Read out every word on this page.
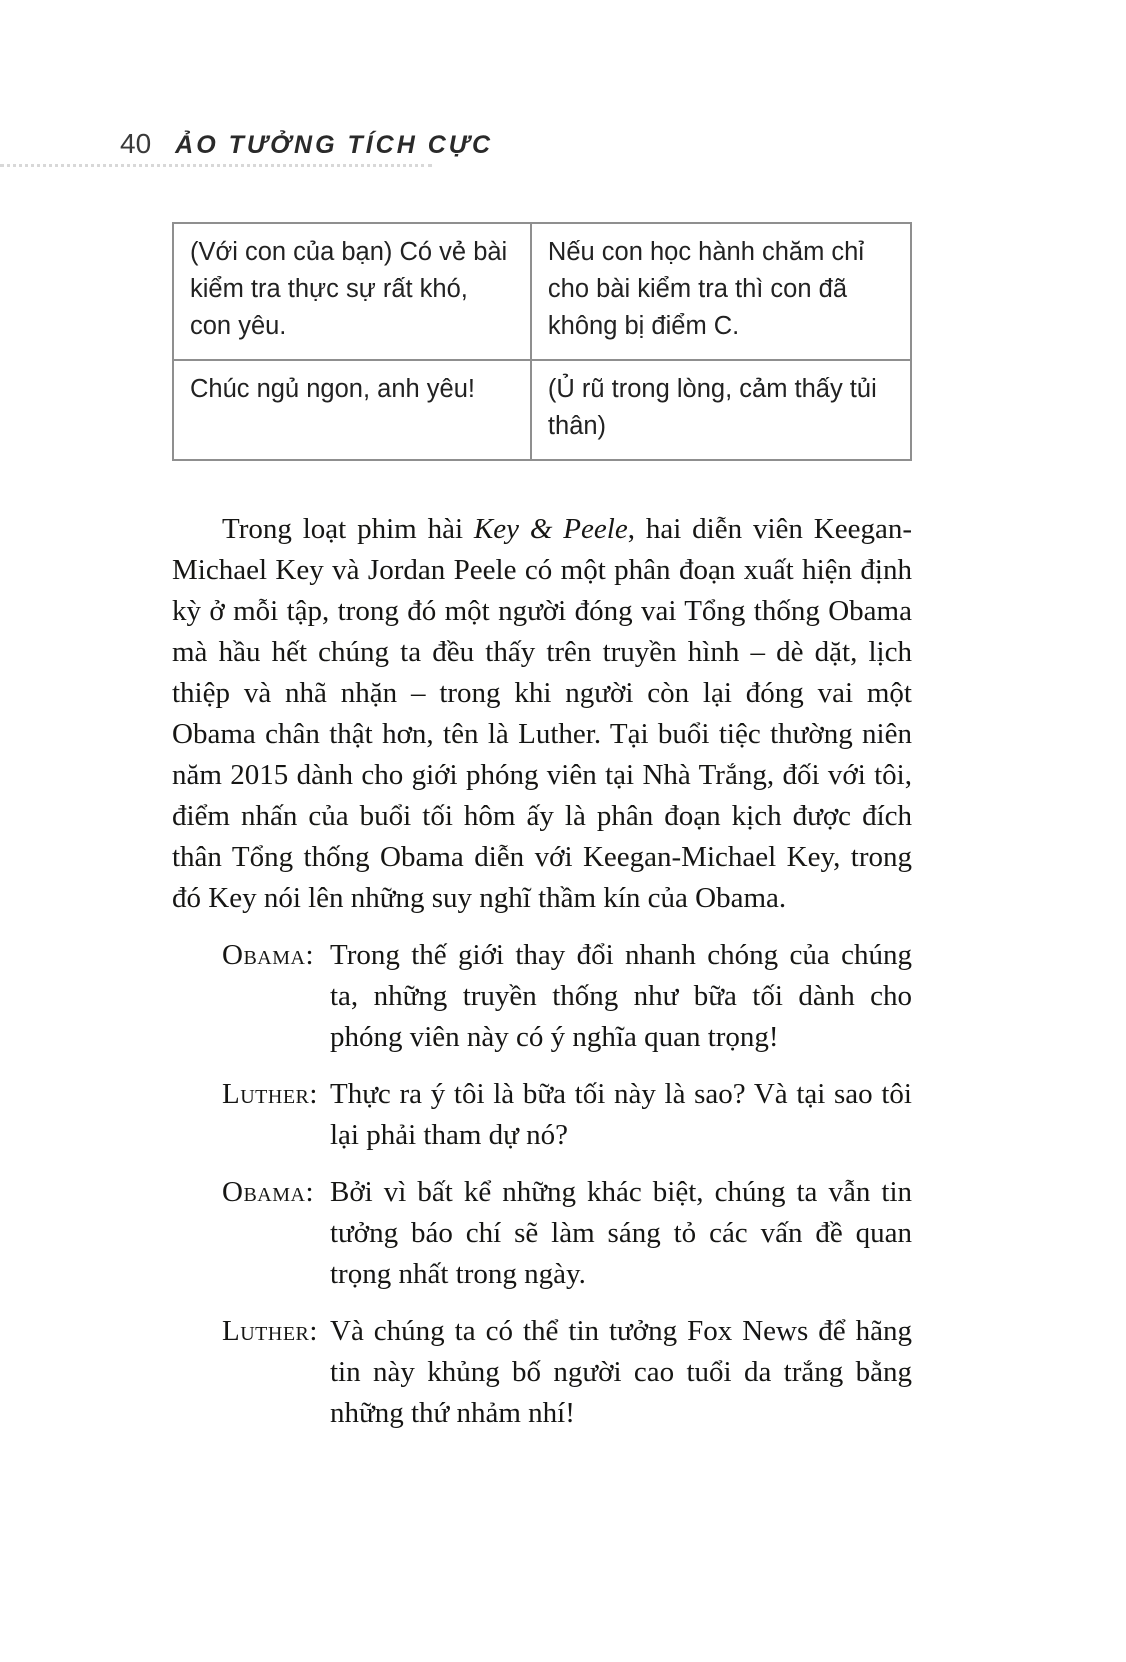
40 ẢO TƯỞNG TÍCH CỰC
(Với con của bạn) Có vẻ bài kiểm tra thực sự rất khó, con yêu.	Nếu con học hành chăm chỉ cho bài kiểm tra thì con đã không bị điểm C.
Chúc ngủ ngon, anh yêu!	(Ủ rũ trong lòng, cảm thấy tủi thân)

Trong loạt phim hài Key & Peele, hai diễn viên Keegan-Michael Key và Jordan Peele có một phân đoạn xuất hiện định kỳ ở mỗi tập, trong đó một người đóng vai Tổng thống Obama mà hầu hết chúng ta đều thấy trên truyền hình – dè dặt, lịch thiệp và nhã nhặn – trong khi người còn lại đóng vai một Obama chân thật hơn, tên là Luther. Tại buổi tiệc thường niên năm 2015 dành cho giới phóng viên tại Nhà Trắng, đối với tôi, điểm nhấn của buổi tối hôm ấy là phân đoạn kịch được đích thân Tổng thống Obama diễn với Keegan-Michael Key, trong đó Key nói lên những suy nghĩ thầm kín của Obama.

Obama: Trong thế giới thay đổi nhanh chóng của chúng ta, những truyền thống như bữa tối dành cho phóng viên này có ý nghĩa quan trọng!
Luther: Thực ra ý tôi là bữa tối này là sao? Và tại sao tôi lại phải tham dự nó?
Obama: Bởi vì bất kể những khác biệt, chúng ta vẫn tin tưởng báo chí sẽ làm sáng tỏ các vấn đề quan trọng nhất trong ngày.
Luther: Và chúng ta có thể tin tưởng Fox News để hãng tin này khủng bố người cao tuổi da trắng bằng những thứ nhảm nhí!
